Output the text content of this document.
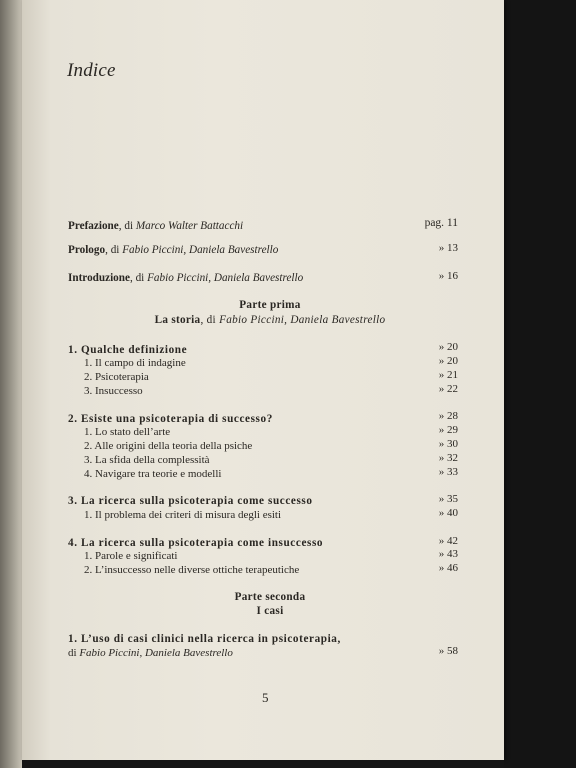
Indice
Prefazione, di Marco Walter Battacchi	pag. 11
Prologo, di Fabio Piccini, Daniela Bavestrello	» 13
Introduzione, di Fabio Piccini, Daniela Bavestrello	» 16
Parte prima
La storia, di Fabio Piccini, Daniela Bavestrello
1. Qualche definizione	» 20
1. Il campo di indagine	» 20
2. Psicoterapia	» 21
3. Insuccesso	» 22
2. Esiste una psicoterapia di successo?	» 28
1. Lo stato dell’arte	» 29
2. Alle origini della teoria della psiche	» 30
3. La sfida della complessità	» 32
4. Navigare tra teorie e modelli	» 33
3. La ricerca sulla psicoterapia come successo	» 35
1. Il problema dei criteri di misura degli esiti	» 40
4. La ricerca sulla psicoterapia come insuccesso	» 42
1. Parole e significati	» 43
2. L’insuccesso nelle diverse ottiche terapeutiche	» 46
Parte seconda
I casi
1. L’uso di casi clinici nella ricerca in psicoterapia,
di Fabio Piccini, Daniela Bavestrello	» 58
5
